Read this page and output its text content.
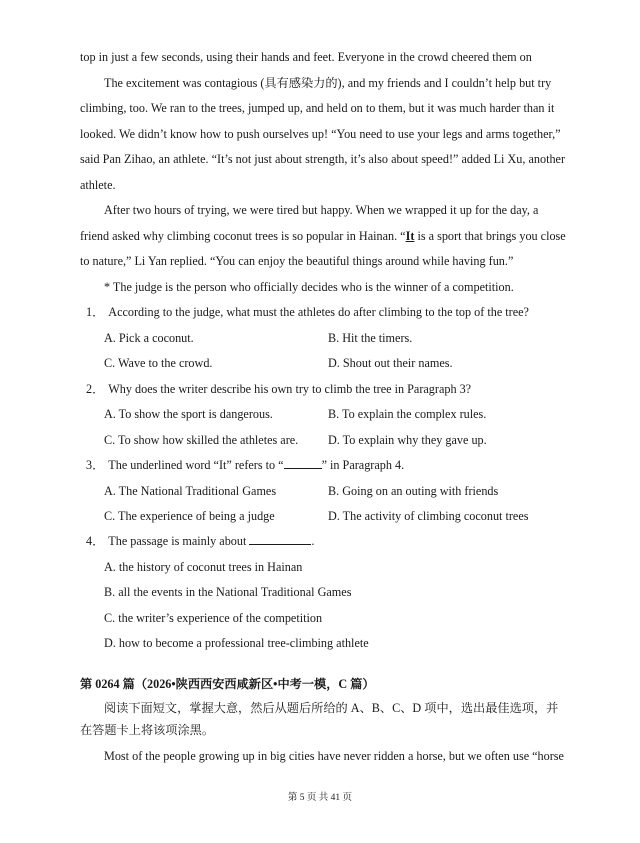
top in just a few seconds, using their hands and feet. Everyone in the crowd cheered them on
The excitement was contagious (具有感染力的), and my friends and I couldn’t help but try
climbing, too. We ran to the trees, jumped up, and held on to them, but it was much harder than it
looked. We didn’t know how to push ourselves up! “You need to use your legs and arms together,”
said Pan Zihao, an athlete. “It’s not just about strength, it’s also about speed!” added Li Xu, another
athlete.
After two hours of trying, we were tired but happy. When we wrapped it up for the day, a
friend asked why climbing coconut trees is so popular in Hainan. “It is a sport that brings you close
to nature,” Li Yan replied. “You can enjoy the beautiful things around while having fun.”
* The judge is the person who officially decides who is the winner of a competition.
1． According to the judge, what must the athletes do after climbing to the top of the tree?
A. Pick a coconut.	B. Hit the timers.
C. Wave to the crowd.	D. Shout out their names.
2． Why does the writer describe his own try to climb the tree in Paragraph 3?
A. To show the sport is dangerous.	B. To explain the complex rules.
C. To show how skilled the athletes are. D. To explain why they gave up.
3． The underlined word “It” refers to “	” in Paragraph 4.
A. The National Traditional Games	B. Going on an outing with friends
C. The experience of being a judge	D. The activity of climbing coconut trees
4． The passage is mainly about	.
A. the history of coconut trees in Hainan
B. all the events in the National Traditional Games
C. the writer’s experience of the competition
D. how to become a professional tree-climbing athlete
第 0264 篇（2026•陕西西安西咸新区•中考一模，C 篇）
阅读下面短文，掌握大意，然后从题后所给的 A、B、C、D 项中，选出最佳选项，并
在答题卡上将该项涂黑。
Most of the people growing up in big cities have never ridden a horse, but we often use “horse
第 5 页 共 41 页
